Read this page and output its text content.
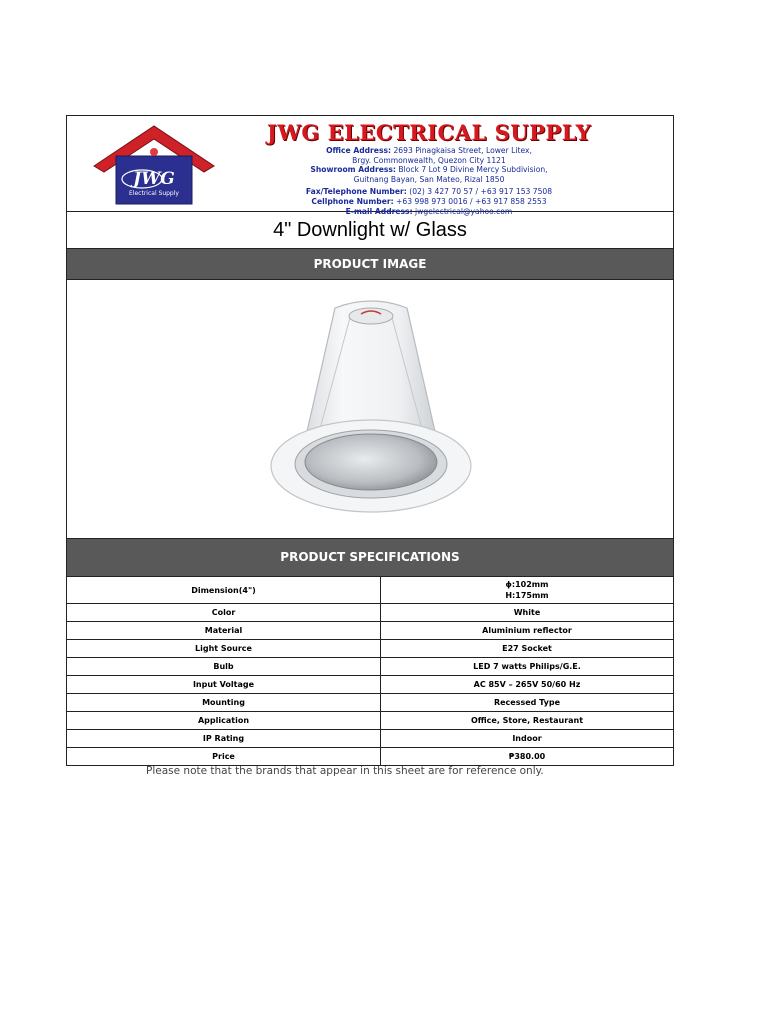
JWG
Electrical Supply
JWG ELECTRICAL SUPPLY
Office Address: 2693 Pinagkaisa Street, Lower Litex,
Brgy. Commonwealth, Quezon City 1121
Showroom Address: Block 7 Lot 9 Divine Mercy Subdivision,
Guitnang Bayan, San Mateo, Rizal 1850
Fax/Telephone Number: (02) 3 427 70 57 / +63 917 153 7508
Cellphone Number: +63 998 973 0016 / +63 917 858 2553
E-mail Address: jwgelectrical@yahoo.com
4" Downlight w/ Glass
PRODUCT IMAGE
PRODUCT SPECIFICATIONS
Dimension(4")	ɸ:102mm
H:175mm

Color	White
Material	Aluminium reflector
Light Source	E27 Socket
Bulb	LED 7 watts Philips/G.E.
Input Voltage	AC 85V – 265V 50/60 Hz
Mounting	Recessed Type
Application	Office, Store, Restaurant
IP Rating	Indoor
Price	₱380.00
Please note that the brands that appear in this sheet are for reference only.
